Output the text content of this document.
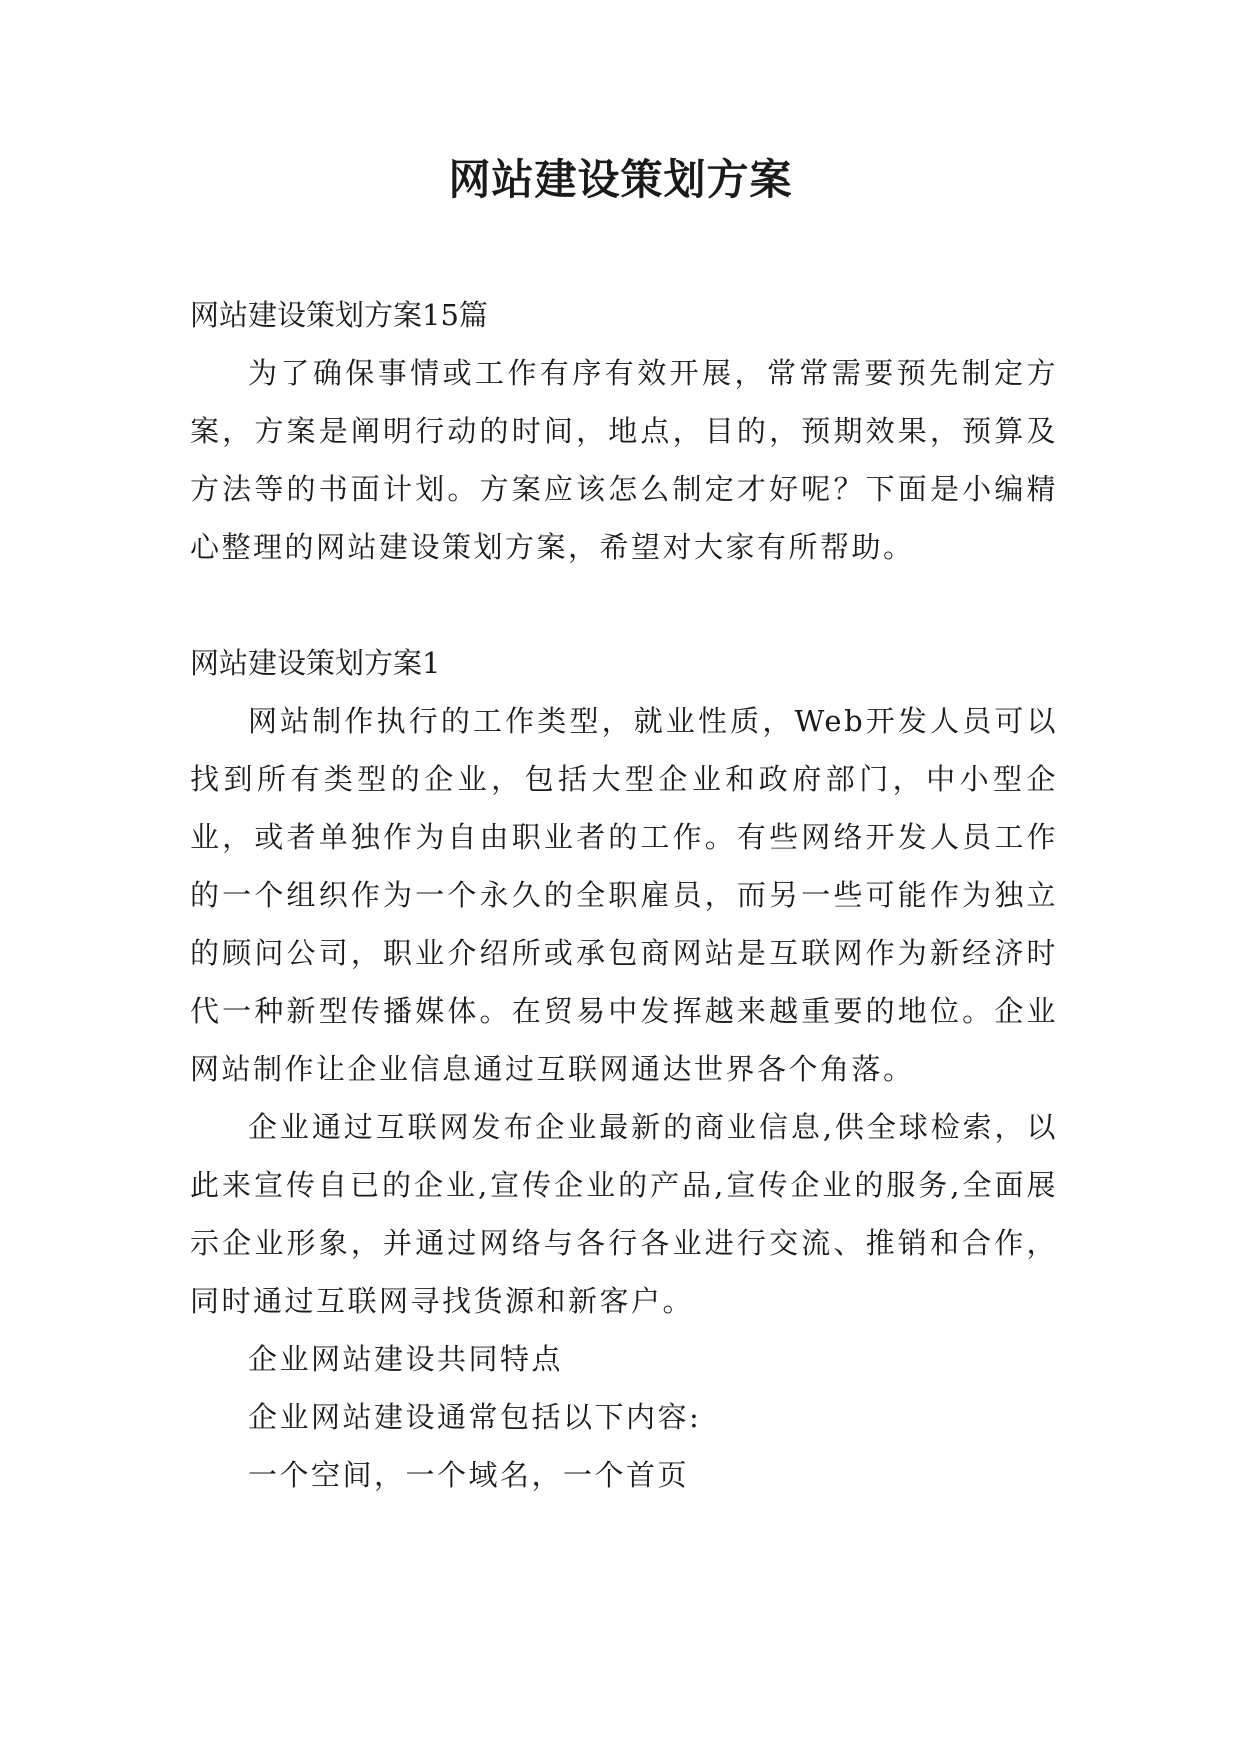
网站建设策划方案

网站建设策划方案15篇

为了确保事情或工作有序有效开展，常常需要预先制定方案，方案是阐明行动的时间，地点，目的，预期效果，预算及方法等的书面计划。方案应该怎么制定才好呢？下面是小编精心整理的网站建设策划方案，希望对大家有所帮助。

网站建设策划方案1

网站制作执行的工作类型，就业性质，Web开发人员可以找到所有类型的企业，包括大型企业和政府部门，中小型企业，或者单独作为自由职业者的工作。有些网络开发人员工作的一个组织作为一个永久的全职雇员，而另一些可能作为独立的顾问公司，职业介绍所或承包商网站是互联网作为新经济时代一种新型传播媒体。在贸易中发挥越来越重要的地位。企业网站制作让企业信息通过互联网通达世界各个角落。

企业通过互联网发布企业最新的商业信息,供全球检索，以此来宣传自已的企业,宣传企业的产品,宣传企业的服务,全面展示企业形象，并通过网络与各行各业进行交流、推销和合作，同时通过互联网寻找货源和新客户。

企业网站建设共同特点

企业网站建设通常包括以下内容:

一个空间，一个域名，一个首页
